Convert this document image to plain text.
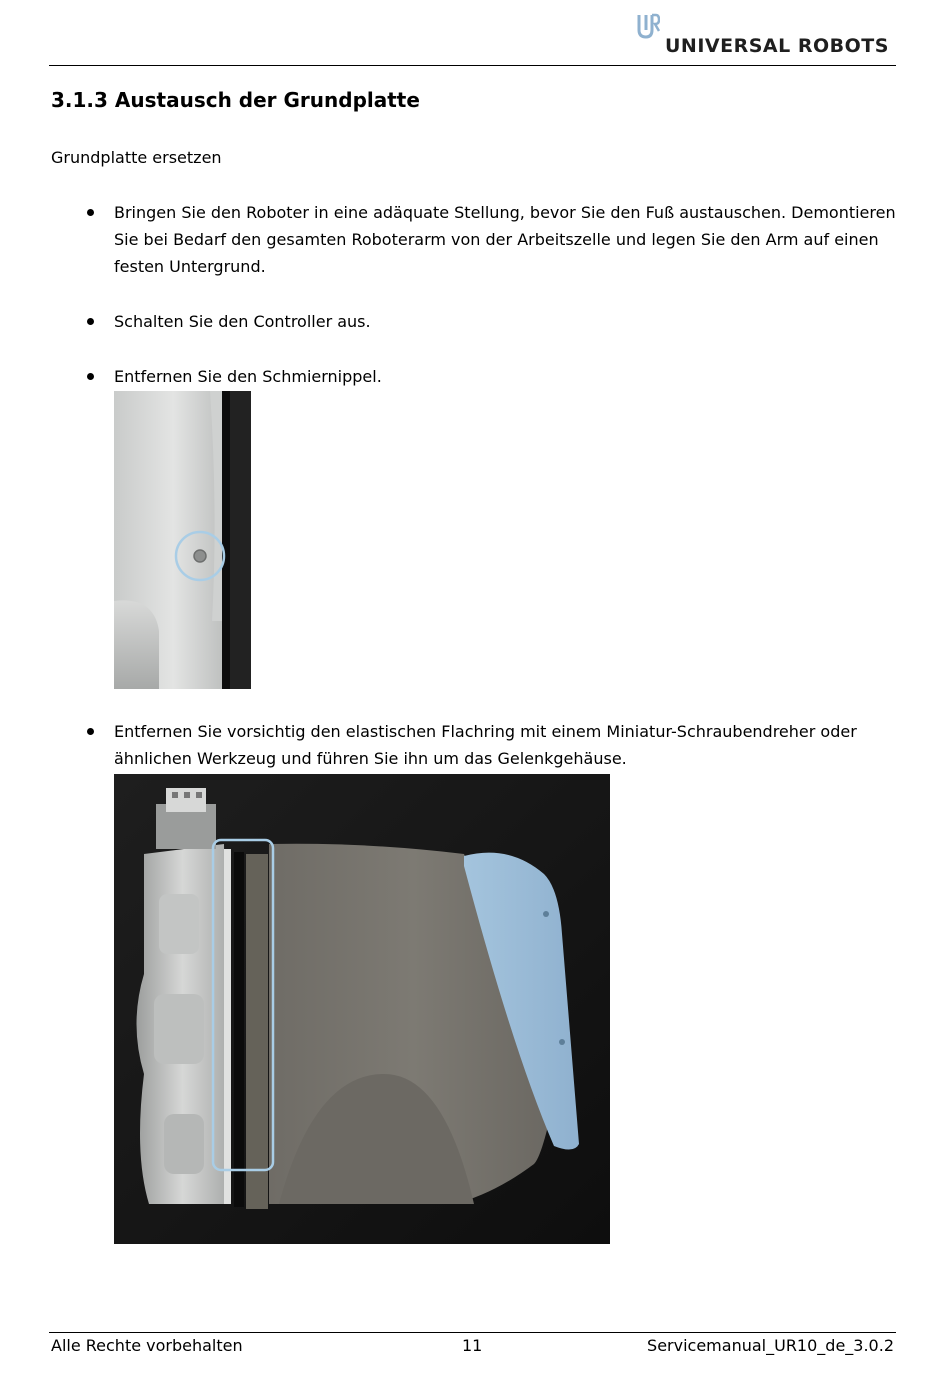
UNIVERSAL ROBOTS
3.1.3 Austausch der Grundplatte
Grundplatte ersetzen
Bringen Sie den Roboter in eine adäquate Stellung, bevor Sie den Fuß austauschen. Demontieren
Sie bei Bedarf den gesamten Roboterarm von der Arbeitszelle und legen Sie den Arm auf einen
festen Untergrund.
Schalten Sie den Controller aus.
Entfernen Sie den Schmiernippel.
Entfernen Sie vorsichtig den elastischen Flachring mit einem Miniatur-Schraubendreher oder
ähnlichen Werkzeug und führen Sie ihn um das Gelenkgehäuse.
Alle Rechte vorbehalten	11	Servicemanual_UR10_de_3.0.2
